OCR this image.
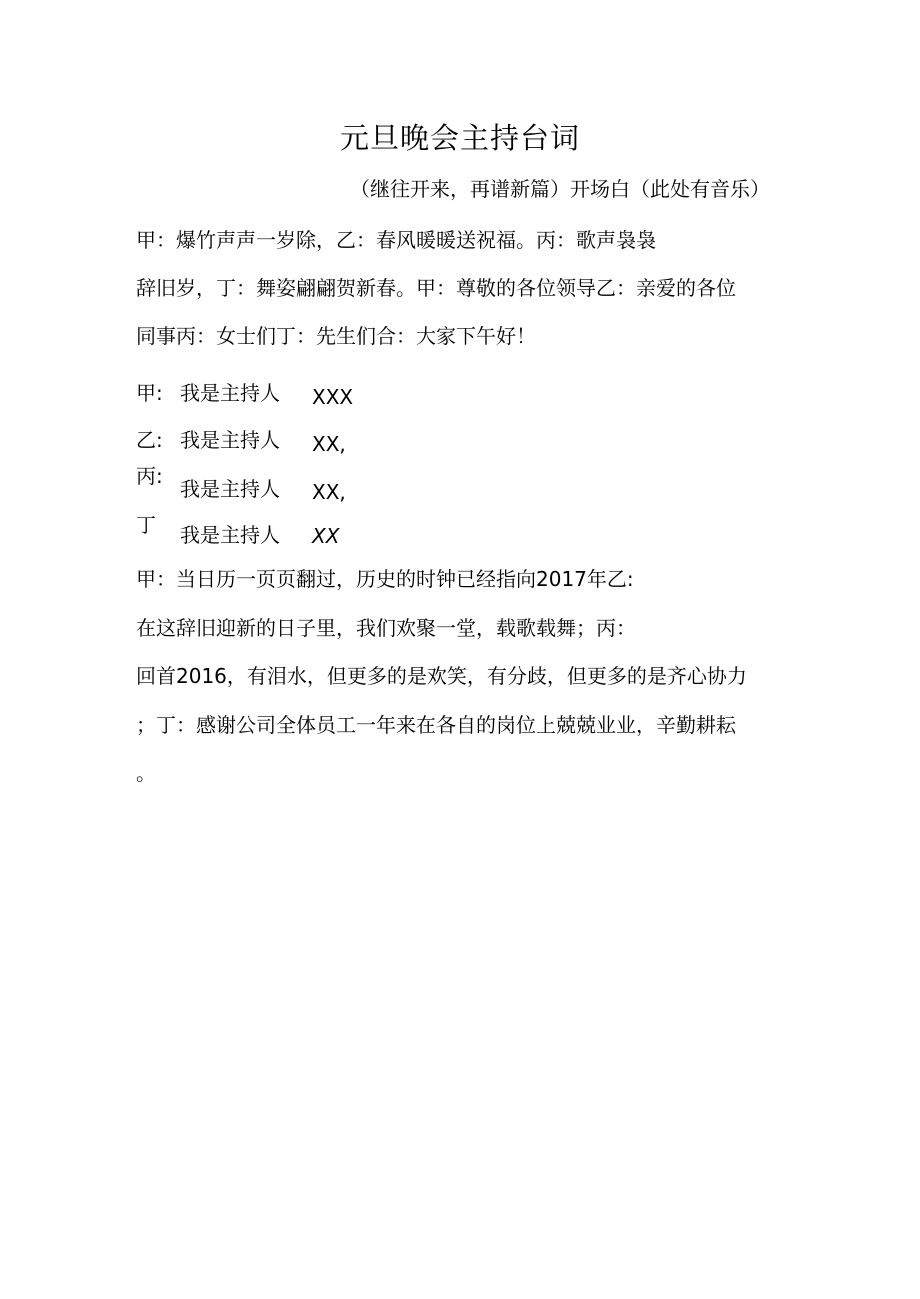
元旦晚会主持台词
（继往开来，再谱新篇）开场白（此处有音乐）
甲：爆竹声声一岁除，乙：春风暖暖送祝福。丙：歌声袅袅
辞旧岁，丁：舞姿翩翩贺新春。甲：尊敬的各位领导乙：亲爱的各位
同事丙：女士们丁：先生们合：大家下午好！
甲: 我是主持人 XXX
乙: 我是主持人 XX,
丙:
我是主持人 XX,
丁 我是主持人 XX
甲：当日历一页页翻过，历史的时钟已经指向2017年乙:
在这辞旧迎新的日子里，我们欢聚一堂，载歌载舞；丙：
回首2016，有泪水，但更多的是欢笑，有分歧，但更多的是齐心协力
；丁：感谢公司全体员工一年来在各自的岗位上兢兢业业，辛勤耕耘
。
